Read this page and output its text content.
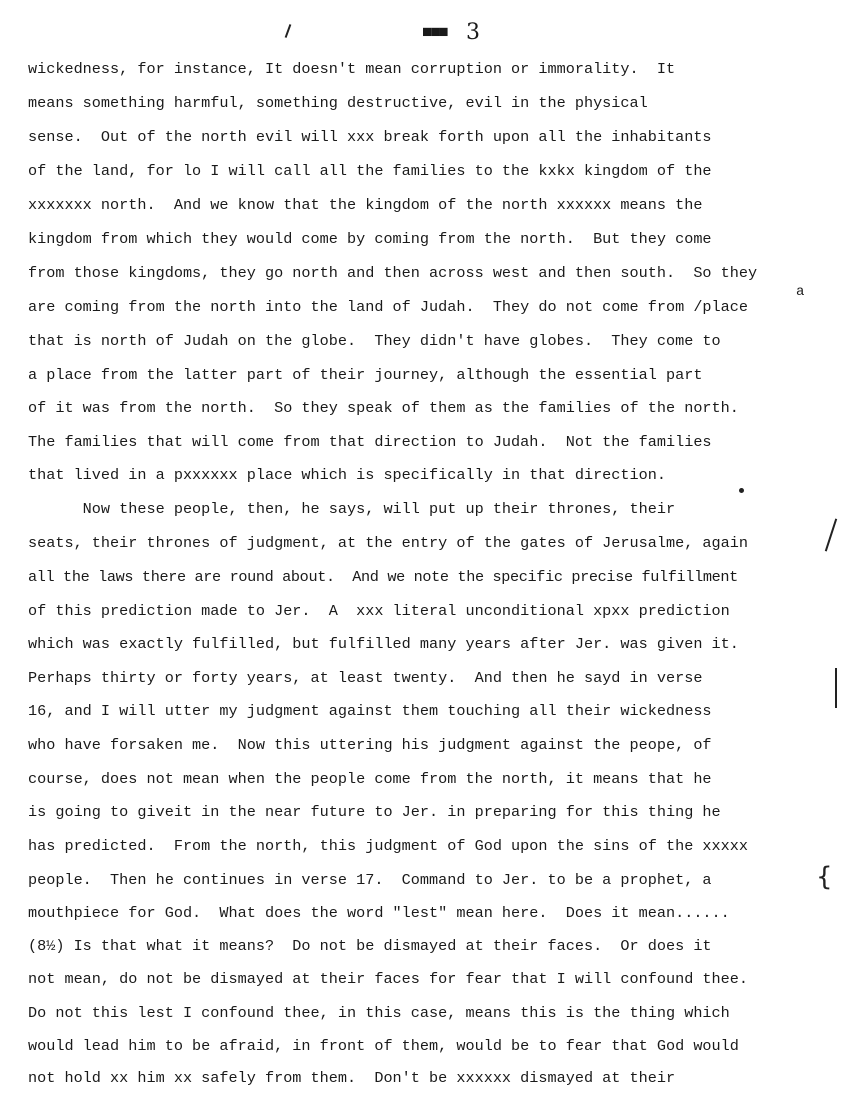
■■■ 3
wickedness, for instance, It doesn't mean corruption or immorality.  It
means something harmful, something destructive, evil in the physical
sense.  Out of the north evil will xxx break forth upon all the inhabitants
of the land, for lo I will call all the families to the kxkx kingdom of the
xxxxxxx north.  And we know that the kingdom of the north xxxxxx means the
kingdom from which they would come by coming from the north.  But they come
from those kingdoms, they go north and then across west and then south.  So they
a
are coming from the north into the land of Judah.  They do not come from /place
that is north of Judah on the globe.  They didn't have globes.  They come to
a place from the latter part of their journey, although the essential part
of it was from the north.  So they speak of them as the families of the north.
The families that will come from that direction to Judah.  Not the families
that lived in a pxxxxxx place which is specifically in that direction.
Now these people, then, he says, will put up their thrones, their
seats, their thrones of judgment, at the entry of the gates of Jerusalme, again
all the laws there are round about.  And we note the specific precise fulfillment
of this prediction made to Jer.  A  xxx literal unconditional xpxx prediction
which was exactly fulfilled, but fulfilled many years after Jer. was given it.
Perhaps thirty or forty years, at least twenty.  And then he sayd in verse
16, and I will utter my judgment against them touching all their wickedness
who have forsaken me.  Now this uttering his judgment against the peope, of
course, does not mean when the people come from the north, it means that he
is going to giveit in the near future to Jer. in preparing for this thing he
has predicted.  From the north, this judgment of God upon the sins of the xxxxx
people.  Then he continues in verse 17.  Command to Jer. to be a prophet, a
mouthpiece for God.  What does the word "lest" mean here.  Does it mean......
(8½) Is that what it means?  Do not be dismayed at their faces.  Or does it
not mean, do not be dismayed at their faces for fear that I will confound thee.
Do not this lest I confound thee, in this case, means this is the thing which
would lead him to be afraid, in front of them, would be to fear that God would
not hold xx him xx safely from them.  Don't be xxxxxx dismayed at their
{
